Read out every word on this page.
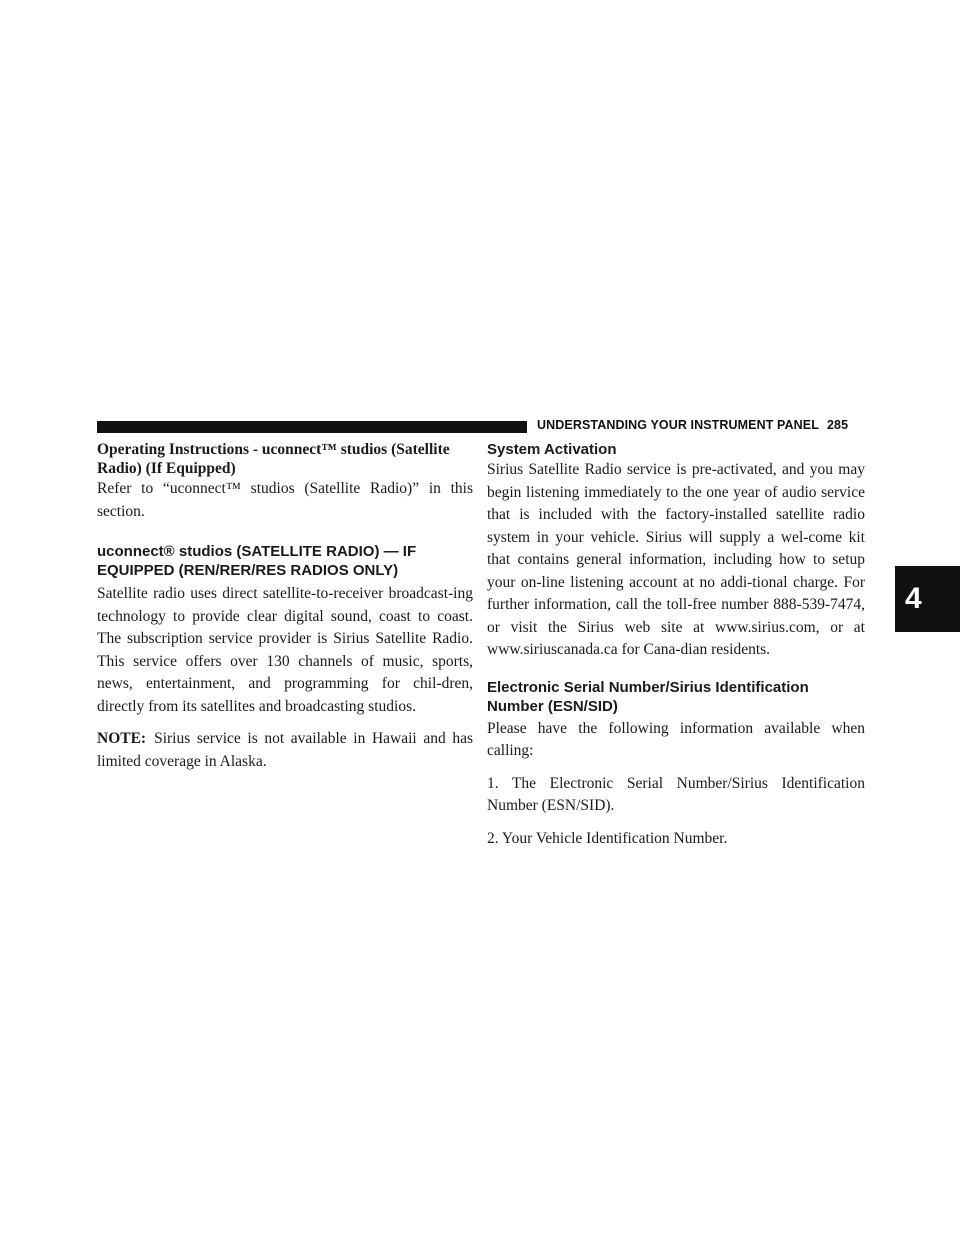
UNDERSTANDING YOUR INSTRUMENT PANEL 285
4
Operating Instructions - uconnect™ studios (Satellite Radio) (If Equipped)

Refer to “uconnect™ studios (Satellite Radio)” in this section.

uconnect® studios (SATELLITE RADIO) — IF EQUIPPED (REN/RER/RES RADIOS ONLY)

Satellite radio uses direct satellite-to-receiver broadcast-ing technology to provide clear digital sound, coast to coast. The subscription service provider is Sirius Satellite Radio. This service offers over 130 channels of music, sports, news, entertainment, and programming for chil-dren, directly from its satellites and broadcasting studios.

NOTE: Sirius service is not available in Hawaii and has limited coverage in Alaska.

System Activation

Sirius Satellite Radio service is pre-activated, and you may begin listening immediately to the one year of audio service that is included with the factory-installed satellite radio system in your vehicle. Sirius will supply a wel-come kit that contains general information, including how to setup your on-line listening account at no addi-tional charge. For further information, call the toll-free number 888-539-7474, or visit the Sirius web site at www.sirius.com, or at www.siriuscanada.ca for Cana-dian residents.

Electronic Serial Number/Sirius Identification Number (ESN/SID)

Please have the following information available when calling:

1. The Electronic Serial Number/Sirius Identification Number (ESN/SID).

2. Your Vehicle Identification Number.
